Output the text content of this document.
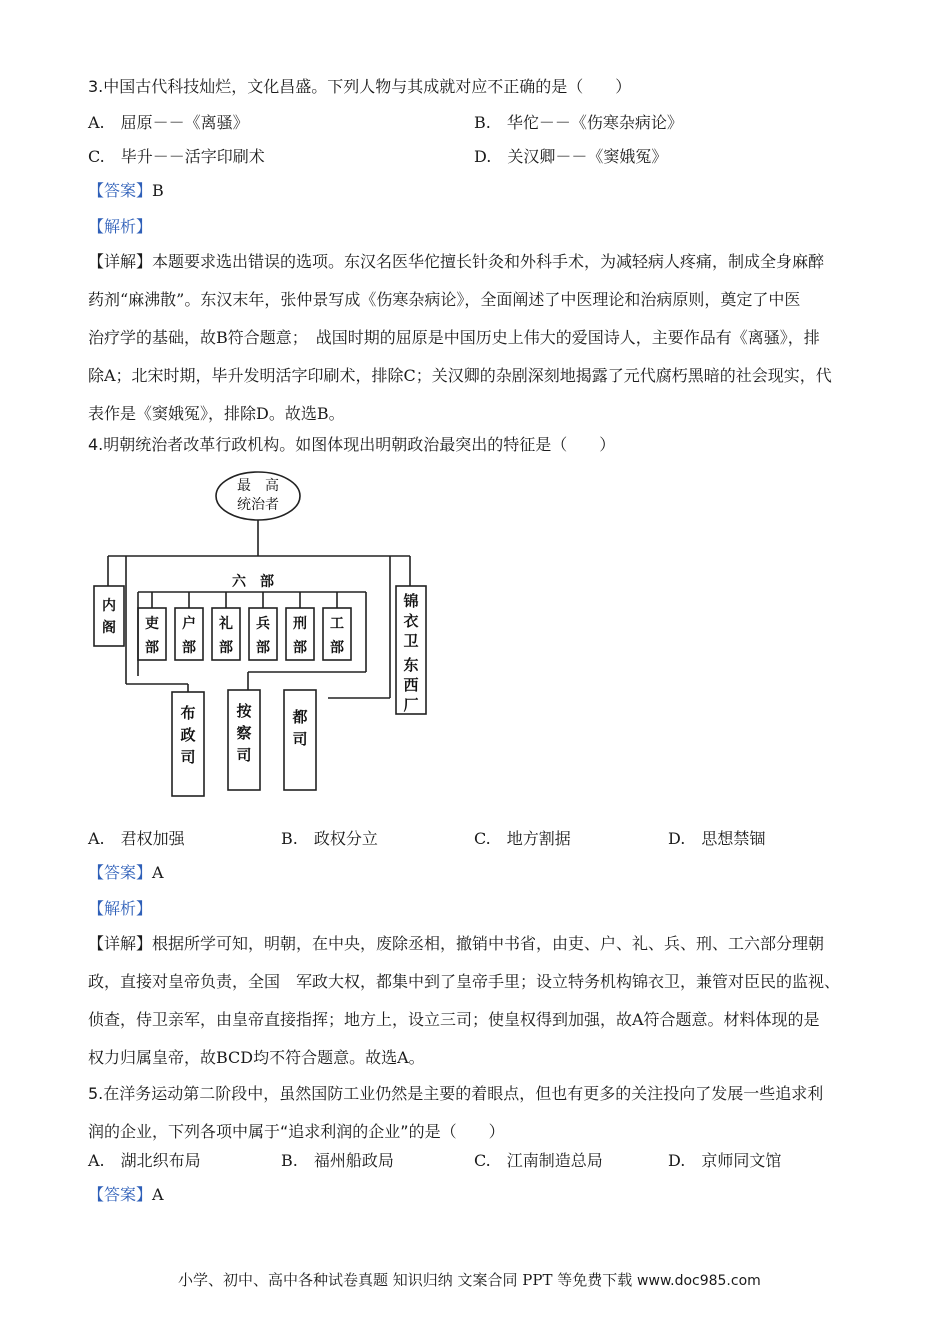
3.中国古代科技灿烂，文化昌盛。下列人物与其成就对应不正确的是（　　）
A.　屈原－－《离骚》	B.　华佗－－《伤寒杂病论》
C.　毕升－－活字印刷术	D.　关汉卿－－《窦娥冤》
【答案】B
【解析】

【详解】本题要求选出错误的选项。东汉名医华佗擅长针灸和外科手术，为减轻病人疼痛，制成全身麻醉

药剂“麻沸散”。东汉末年，张仲景写成《伤寒杂病论》，全面阐述了中医理论和治病原则，奠定了中医

治疗学的基础，故B符合题意；　战国时期的屈原是中国历史上伟大的爱国诗人，主要作品有《离骚》，排

除A；北宋时期，毕升发明活字印刷术，排除C；关汉卿的杂剧深刻地揭露了元代腐朽黑暗的社会现实，代

表作是《窦娥冤》，排除D。故选B。

4.明朝统治者改革行政机构。如图体现出明朝政治最突出的特征是（　　）
最　高
统治者
六　部
内
阁 吏
部
户
部
礼
部
兵
部
刑
部
工
部
锦
衣
卫
东
西
厂
布
政
司
按
察
司
都
司
A.　君权加强	B.　政权分立	C.　地方割据	D.　思想禁锢
【答案】A
【解析】

【详解】根据所学可知，明朝，在中央，废除丞相，撤销中书省，由吏、户、礼、兵、刑、工六部分理朝

政，直接对皇帝负责，全国　军政大权，都集中到了皇帝手里；设立特务机构锦衣卫，兼管对臣民的监视、

侦查，侍卫亲军，由皇帝直接指挥；地方上，设立三司；使皇权得到加强，故A符合题意。材料体现的是

权力归属皇帝，故BCD均不符合题意。故选A。

5.在洋务运动第二阶段中，虽然国防工业仍然是主要的着眼点，但也有更多的关注投向了发展一些追求利

润的企业，下列各项中属于“追求利润的企业”的是（　　）

A.　湖北织布局	B.　福州船政局	C.　江南制造总局	D.　京师同文馆
【答案】A
小学、初中、高中各种试卷真题 知识归纳 文案合同 PPT 等免费下载 www.doc985.com
